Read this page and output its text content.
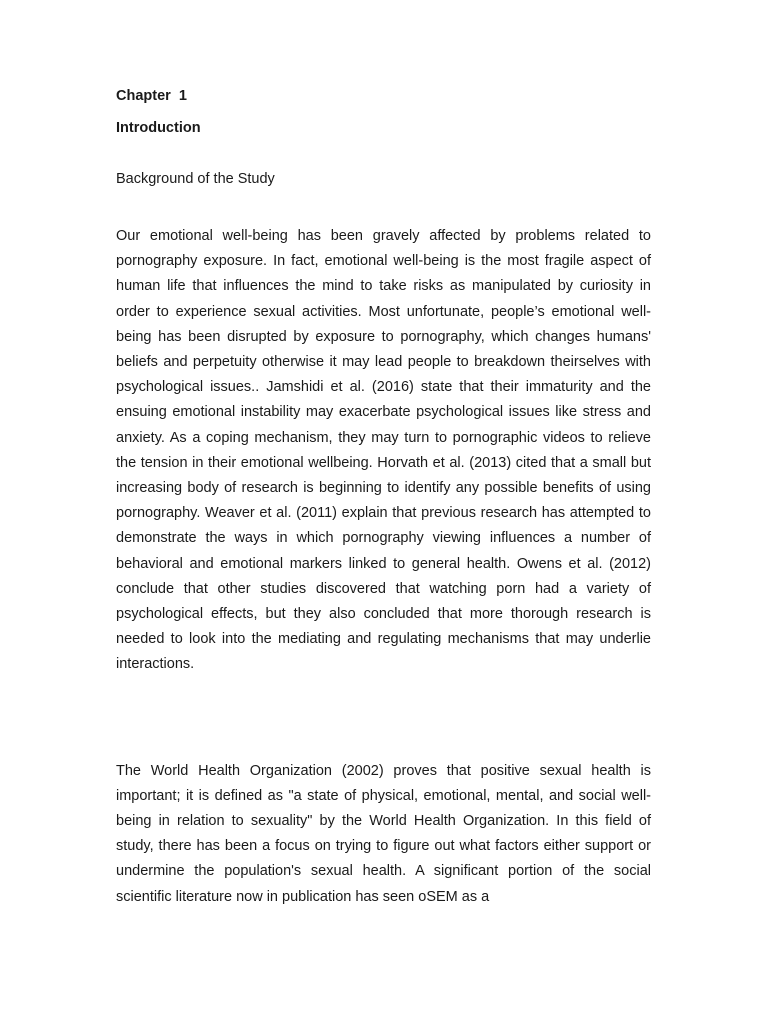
Chapter  1

Introduction

Background of the Study

Our emotional well-being has been gravely affected by problems related to pornography exposure. In fact, emotional well-being is the most fragile aspect of human life that influences the mind to take risks as manipulated by curiosity in order to experience sexual activities. Most unfortunate, people’s emotional well-being has been disrupted by exposure to pornography, which changes humans' beliefs and perpetuity otherwise it may lead people to breakdown theirselves with psychological issues.. Jamshidi et al. (2016) state that their immaturity and the ensuing emotional instability may exacerbate psychological issues like stress and anxiety. As a coping mechanism, they may turn to pornographic videos to relieve the tension in their emotional wellbeing. Horvath et al. (2013) cited that a small but increasing body of research is beginning to identify any possible benefits of using pornography. Weaver et al. (2011) explain that previous research has attempted to demonstrate the ways in which pornography viewing influences a number of behavioral and emotional markers linked to general health. Owens et al. (2012) conclude that other studies discovered that watching porn had a variety of psychological effects, but they also concluded that more thorough research is needed to look into the mediating and regulating mechanisms that may underlie interactions.

The World Health Organization (2002) proves that positive sexual health is important; it is defined as "a state of physical, emotional, mental, and social well-being in relation to sexuality" by the World Health Organization. In this field of study, there has been a focus on trying to figure out what factors either support or undermine the population's sexual health. A significant portion of the social scientific literature now in publication has seen oSEM as a
